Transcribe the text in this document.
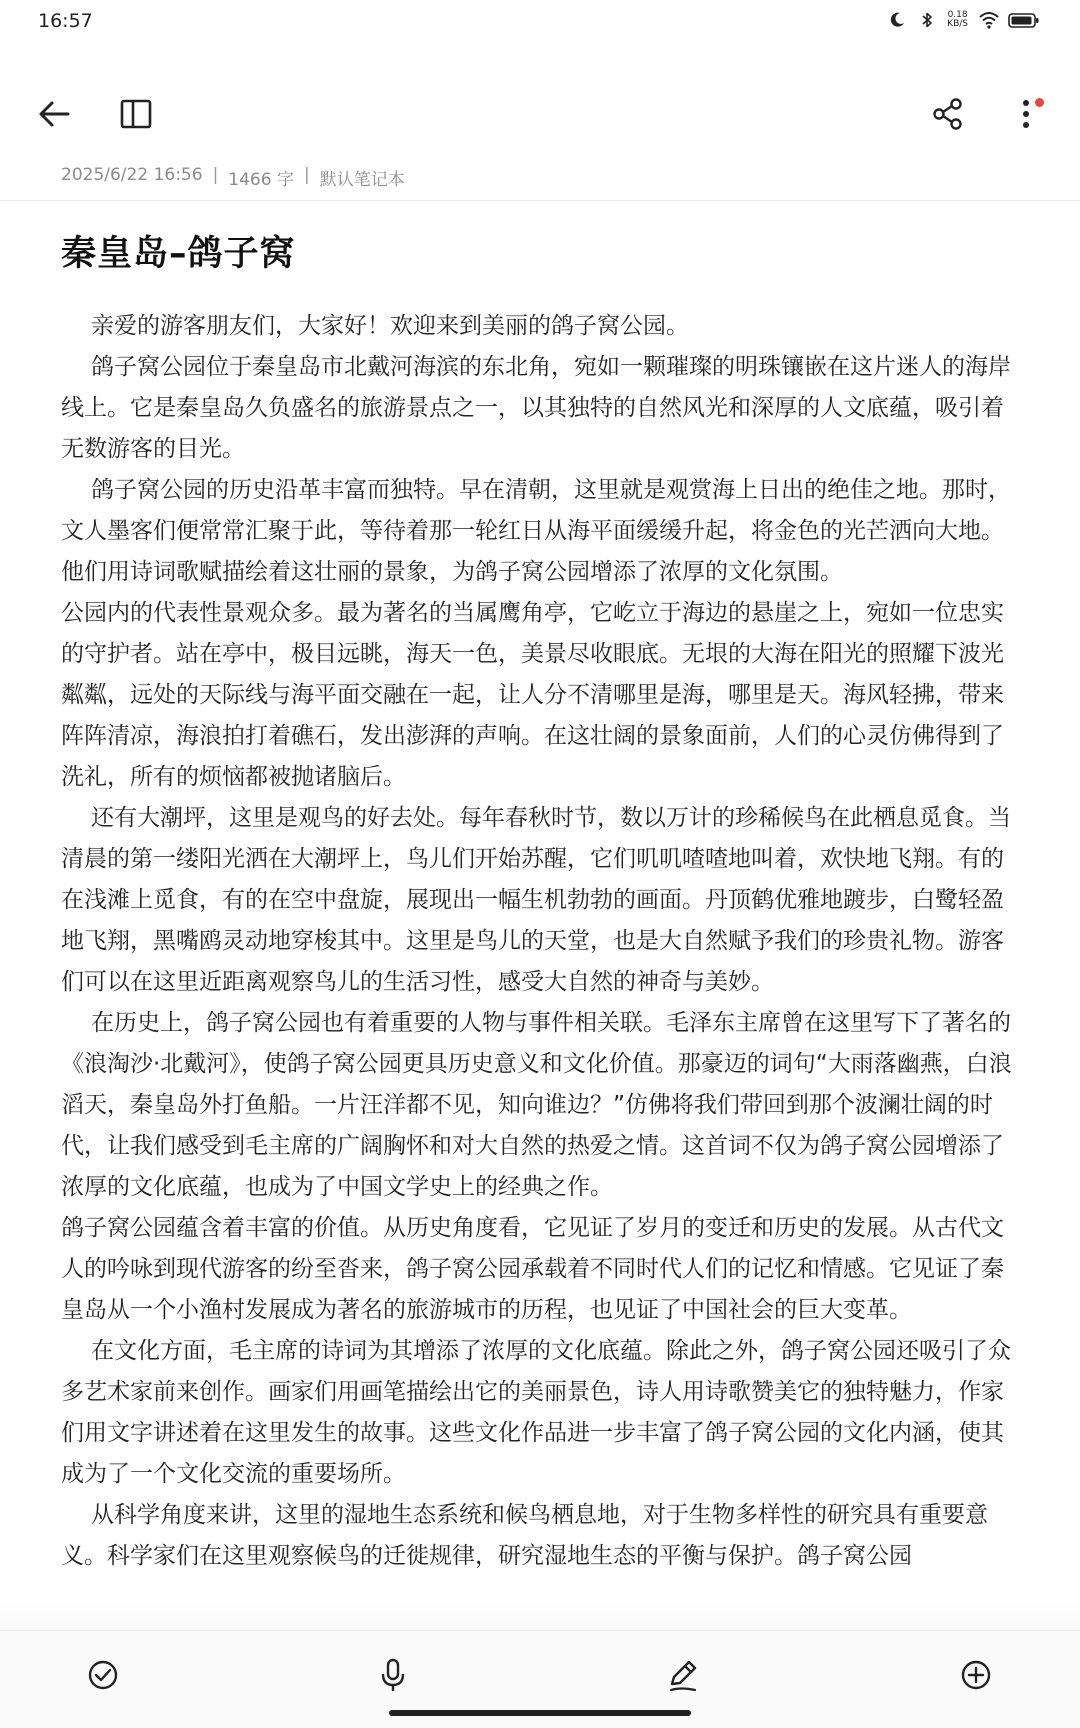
16:57	0.18
KB/S
2025/6/22 16:56 | 1466 字 | 默认笔记本
秦皇岛–鸽子窝

亲爱的游客朋友们，大家好！欢迎来到美丽的鸽子窝公园。

鸽子窝公园位于秦皇岛市北戴河海滨的东北角，宛如一颗璀璨的明珠镶嵌在这片迷人的海岸线上。它是秦皇岛久负盛名的旅游景点之一，以其独特的自然风光和深厚的人文底蕴，吸引着无数游客的目光。

鸽子窝公园的历史沿革丰富而独特。早在清朝，这里就是观赏海上日出的绝佳之地。那时，文人墨客们便常常汇聚于此，等待着那一轮红日从海平面缓缓升起，将金色的光芒洒向大地。他们用诗词歌赋描绘着这壮丽的景象，为鸽子窝公园增添了浓厚的文化氛围。

公园内的代表性景观众多。最为著名的当属鹰角亭，它屹立于海边的悬崖之上，宛如一位忠实的守护者。站在亭中，极目远眺，海天一色，美景尽收眼底。无垠的大海在阳光的照耀下波光粼粼，远处的天际线与海平面交融在一起，让人分不清哪里是海，哪里是天。海风轻拂，带来阵阵清凉，海浪拍打着礁石，发出澎湃的声响。在这壮阔的景象面前，人们的心灵仿佛得到了洗礼，所有的烦恼都被抛诸脑后。

还有大潮坪，这里是观鸟的好去处。每年春秋时节，数以万计的珍稀候鸟在此栖息觅食。当清晨的第一缕阳光洒在大潮坪上，鸟儿们开始苏醒，它们叽叽喳喳地叫着，欢快地飞翔。有的在浅滩上觅食，有的在空中盘旋，展现出一幅生机勃勃的画面。丹顶鹤优雅地踱步，白鹭轻盈地飞翔，黑嘴鸥灵动地穿梭其中。这里是鸟儿的天堂，也是大自然赋予我们的珍贵礼物。游客们可以在这里近距离观察鸟儿的生活习性，感受大自然的神奇与美妙。

在历史上，鸽子窝公园也有着重要的人物与事件相关联。毛泽东主席曾在这里写下了著名的《浪淘沙·北戴河》，使鸽子窝公园更具历史意义和文化价值。那豪迈的词句“大雨落幽燕，白浪滔天，秦皇岛外打鱼船。一片汪洋都不见，知向谁边？”仿佛将我们带回到那个波澜壮阔的时代，让我们感受到毛主席的广阔胸怀和对大自然的热爱之情。这首词不仅为鸽子窝公园增添了浓厚的文化底蕴，也成为了中国文学史上的经典之作。

鸽子窝公园蕴含着丰富的价值。从历史角度看，它见证了岁月的变迁和历史的发展。从古代文人的吟咏到现代游客的纷至沓来，鸽子窝公园承载着不同时代人们的记忆和情感。它见证了秦皇岛从一个小渔村发展成为著名的旅游城市的历程，也见证了中国社会的巨大变革。

在文化方面，毛主席的诗词为其增添了浓厚的文化底蕴。除此之外，鸽子窝公园还吸引了众多艺术家前来创作。画家们用画笔描绘出它的美丽景色，诗人用诗歌赞美它的独特魅力，作家们用文字讲述着在这里发生的故事。这些文化作品进一步丰富了鸽子窝公园的文化内涵，使其成为了一个文化交流的重要场所。

从科学角度来讲，这里的湿地生态系统和候鸟栖息地，对于生物多样性的研究具有重要意义。科学家们在这里观察候鸟的迁徙规律，研究湿地生态的平衡与保护。鸽子窝公园
